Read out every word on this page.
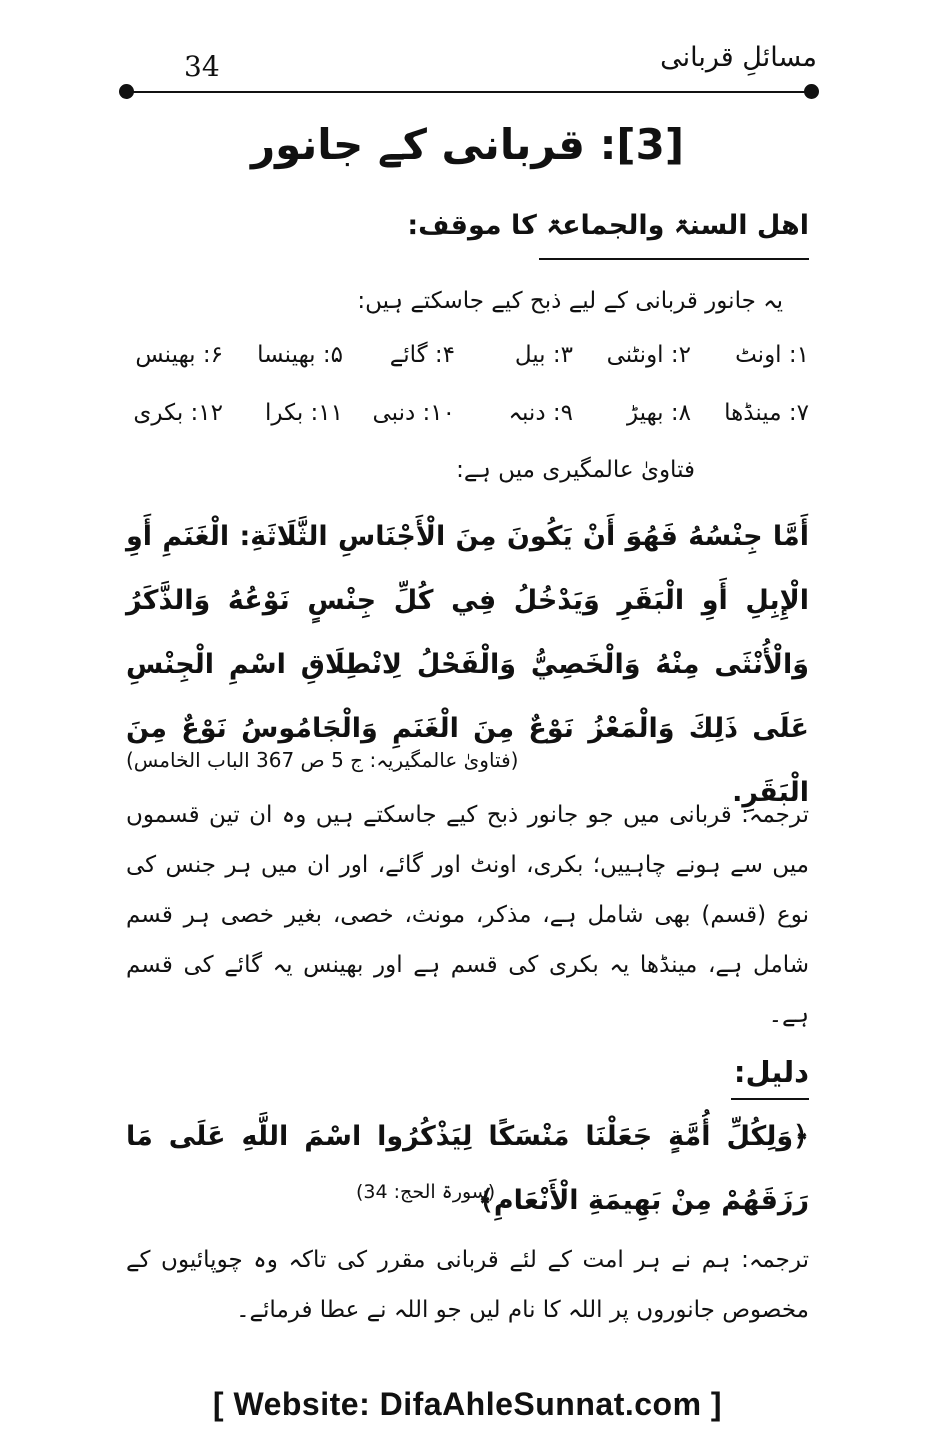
مسائلِ قربانی
34
[3]: قربانی کے جانور
اھل السنۃ والجماعۃ کا موقف:
یہ جانور قربانی کے لیے ذبح کیے جاسکتے ہیں:
۱: اونٹ
۲: اونٹنی
۳: بیل
۴: گائے
۵: بھینسا
۶: بھینس
۷: مینڈھا
۸: بھیڑ
۹: دنبہ
۱۰: دنبی
۱۱: بکرا
۱۲: بکری
فتاویٰ عالمگیری میں ہے:
أَمَّا جِنْسُهُ فَهُوَ أَنْ يَكُونَ مِنَ الْأَجْنَاسِ الثَّلَاثَةِ: الْغَنَمِ أَوِ الْإِبِلِ أَوِ الْبَقَرِ وَيَدْخُلُ فِي كُلِّ جِنْسٍ نَوْعُهُ وَالذَّكَرُ وَالْأُنْثَى مِنْهُ وَالْخَصِيُّ وَالْفَحْلُ لِانْطِلَاقِ اسْمِ الْجِنْسِ عَلَى ذَلِكَ وَالْمَعْزُ نَوْعٌ مِنَ الْغَنَمِ وَالْجَامُوسُ نَوْعٌ مِنَ الْبَقَرِ.
(فتاویٰ عالمگیریہ: ج 5 ص 367 الباب الخامس)
ترجمہ: قربانی میں جو جانور ذبح کیے جاسکتے ہیں وہ ان تین قسموں میں سے ہونے چاہییں؛ بکری، اونٹ اور گائے، اور ان میں ہر جنس کی نوع (قسم) بھی شامل ہے، مذکر، مونث، خصی، بغیر خصی ہر قسم شامل ہے، مینڈھا یہ بکری کی قسم ہے اور بھینس یہ گائے کی قسم ہے۔
دلیل:
﴿وَلِكُلِّ أُمَّةٍ جَعَلْنَا مَنْسَكًا لِيَذْكُرُوا اسْمَ اللَّهِ عَلَى مَا رَزَقَهُمْ مِنْ بَهِيمَةِ الْأَنْعَامِ﴾
(سورۃ الحج: 34)
ترجمہ: ہم نے ہر امت کے لئے قربانی مقرر کی تاکہ وہ چوپائیوں کے مخصوص جانوروں پر اللہ کا نام لیں جو اللہ نے عطا فرمائے۔
[ Website: DifaAhleSunnat.com ]
